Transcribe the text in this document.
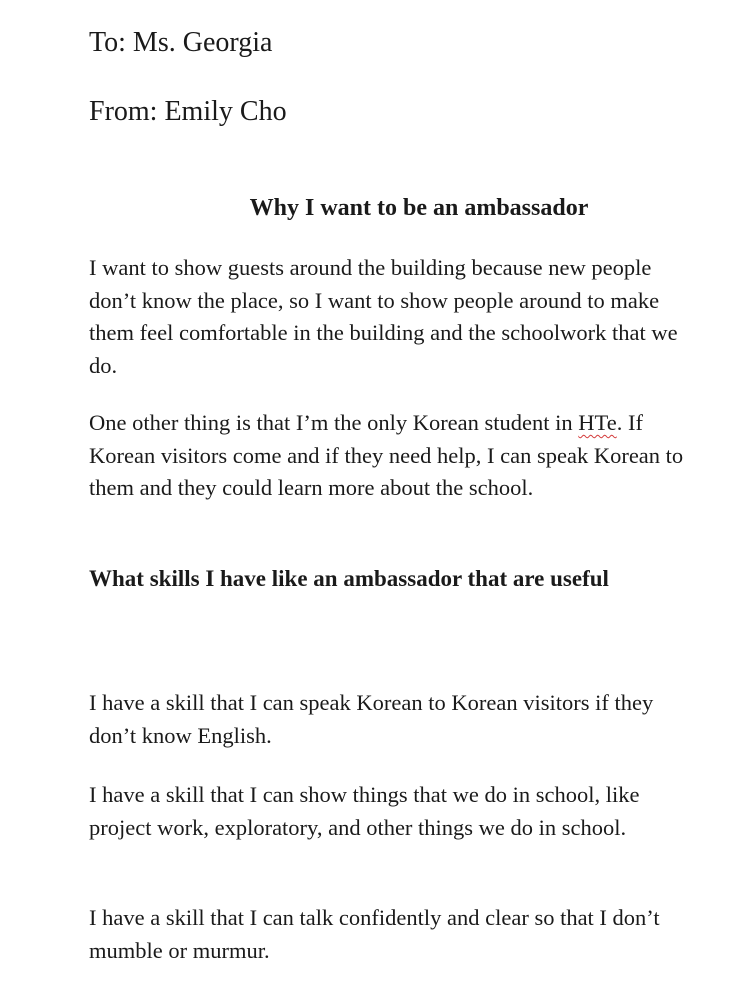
To: Ms. Georgia

From: Emily Cho

Why I want to be an ambassador

I want to show guests around the building because new people don’t know the place, so I want to show people around to make them feel comfortable in the building and the schoolwork that we do.

One other thing is that I’m the only Korean student in HTe. If Korean visitors come and if they need help, I can speak Korean to them and they could learn more about the school.

What skills I have like an ambassador that are useful

I have a skill that I can speak Korean to Korean visitors if they don’t know English.

I have a skill that I can show things that we do in school, like project work, exploratory, and other things we do in school.

I have a skill that I can talk confidently and clear so that I don’t mumble or murmur.
